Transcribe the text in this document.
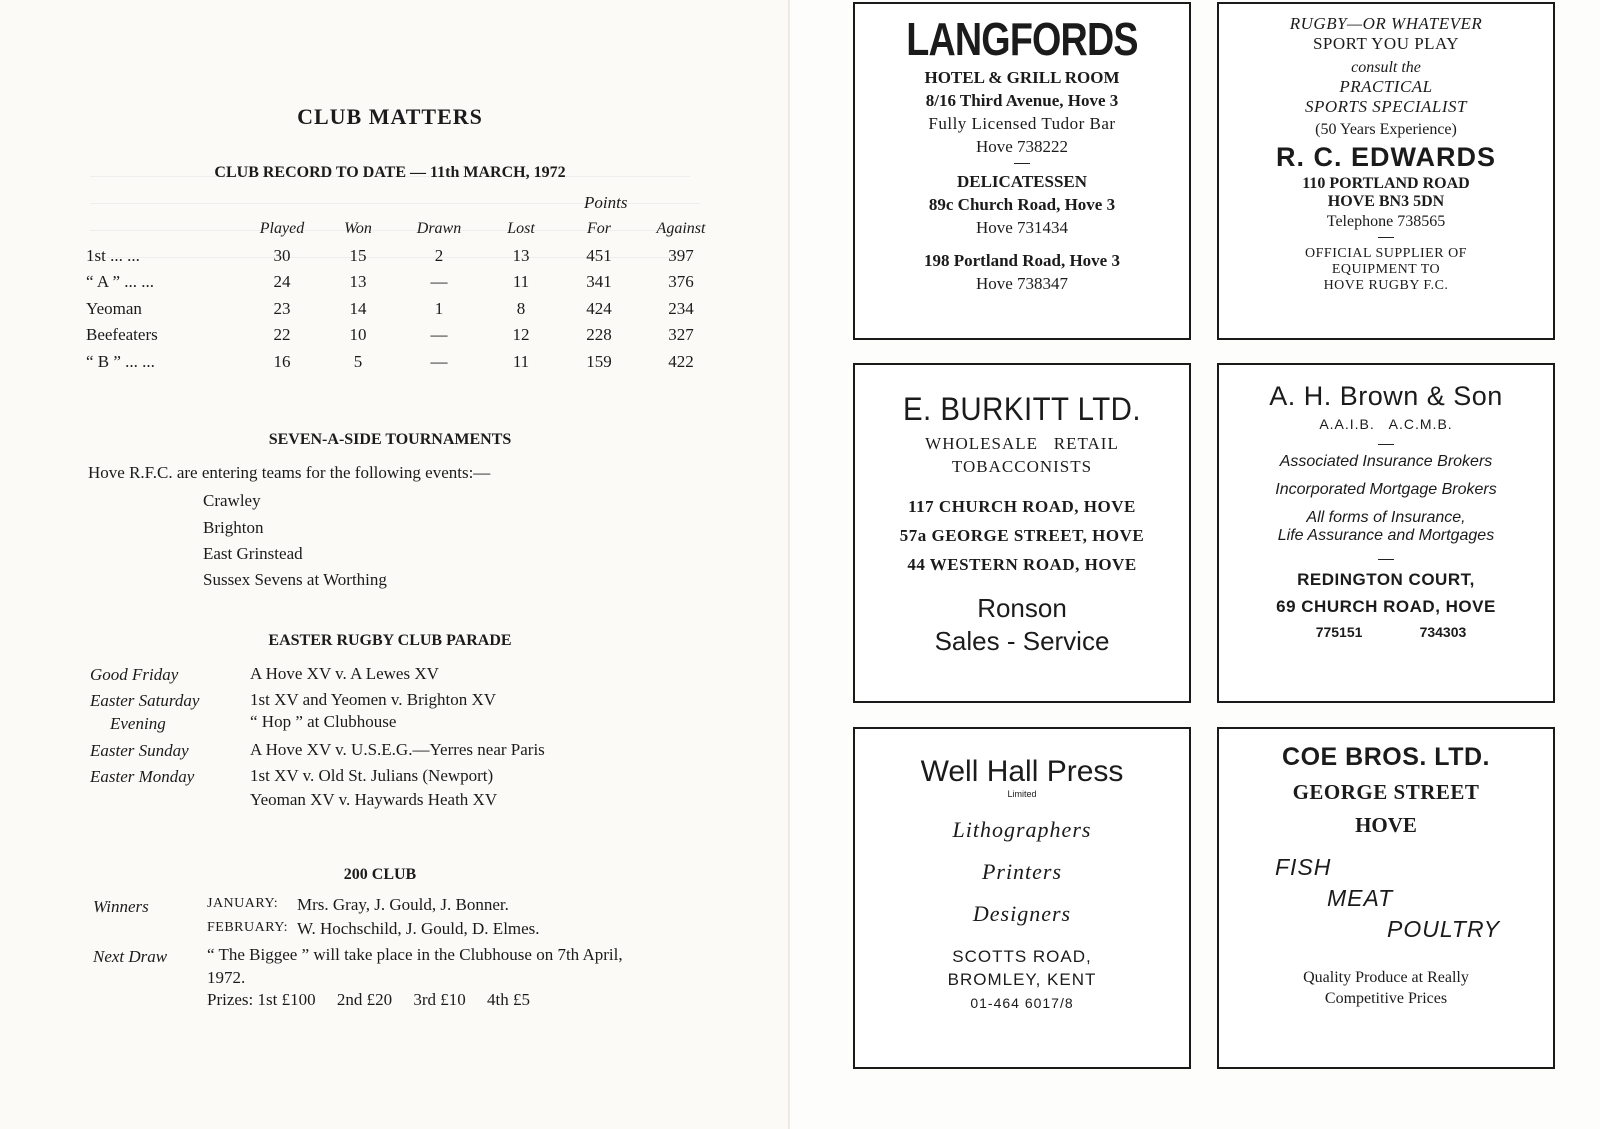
CLUB MATTERS
CLUB RECORD TO DATE — 11th MARCH, 1972
Points
	Played	Won	Drawn	Lost	For	Against
1st ... ...	30	15	2	13	451	397
“ A ” ... ...	24	13	—	11	341	376
Yeoman	23	14	1	8	424	234
Beefeaters	22	10	—	12	228	327
“ B ” ... ...	16	5	—	11	159	422
SEVEN-A-SIDE TOURNAMENTS
Hove R.F.C. are entering teams for the following events:—
Crawley
Brighton
East Grinstead
Sussex Sevens at Worthing
EASTER RUGBY CLUB PARADE
Good Friday	A Hove XV v. A Lewes XV
Easter Saturday	1st XV and Yeomen v. Brighton XV
Evening	“ Hop ” at Clubhouse
Easter Sunday	A Hove XV v. U.S.E.G.—Yerres near Paris
Easter Monday	1st XV v. Old St. Julians (Newport)
Yeoman XV v. Haywards Heath XV
200 CLUB
Winners	JANUARY: Mrs. Gray, J. Gould, J. Bonner.
FEBRUARY: W. Hochschild, J. Gould, D. Elmes.
Next Draw “ The Biggee ” will take place in the Clubhouse on 7th April,
1972.
Prizes: 1st £100     2nd £20     3rd £10     4th £5
LANGFORDS
HOTEL & GRILL ROOM
8/16 Third Avenue, Hove 3
Fully Licensed Tudor Bar
Hove 738222
DELICATESSEN
89c Church Road, Hove 3
Hove 731434
198 Portland Road, Hove 3
Hove 738347
RUGBY—OR WHATEVER
SPORT YOU PLAY
consult the
PRACTICAL
SPORTS SPECIALIST
(50 Years Experience)
R. C. EDWARDS
110 PORTLAND ROAD
HOVE BN3 5DN
Telephone 738565
OFFICIAL SUPPLIER OF
EQUIPMENT TO
HOVE RUGBY F.C.
E. BURKITT LTD.
WHOLESALE   RETAIL
TOBACCONISTS
117 CHURCH ROAD, HOVE
57a GEORGE STREET, HOVE
44 WESTERN ROAD, HOVE
Ronson
Sales - Service
A. H. Brown & Son
A.A.I.B.   A.C.M.B.
Associated Insurance Brokers
Incorporated Mortgage Brokers
All forms of Insurance,
Life Assurance and Mortgages
REDINGTON COURT,
69 CHURCH ROAD, HOVE
775151	734303
Well Hall Press
Limited
Lithographers
Printers
Designers
SCOTTS ROAD,
BROMLEY, KENT
01-464 6017/8
COE BROS. LTD.
GEORGE STREET
HOVE
FISH
MEAT
POULTRY
Quality Produce at Really
Competitive Prices
